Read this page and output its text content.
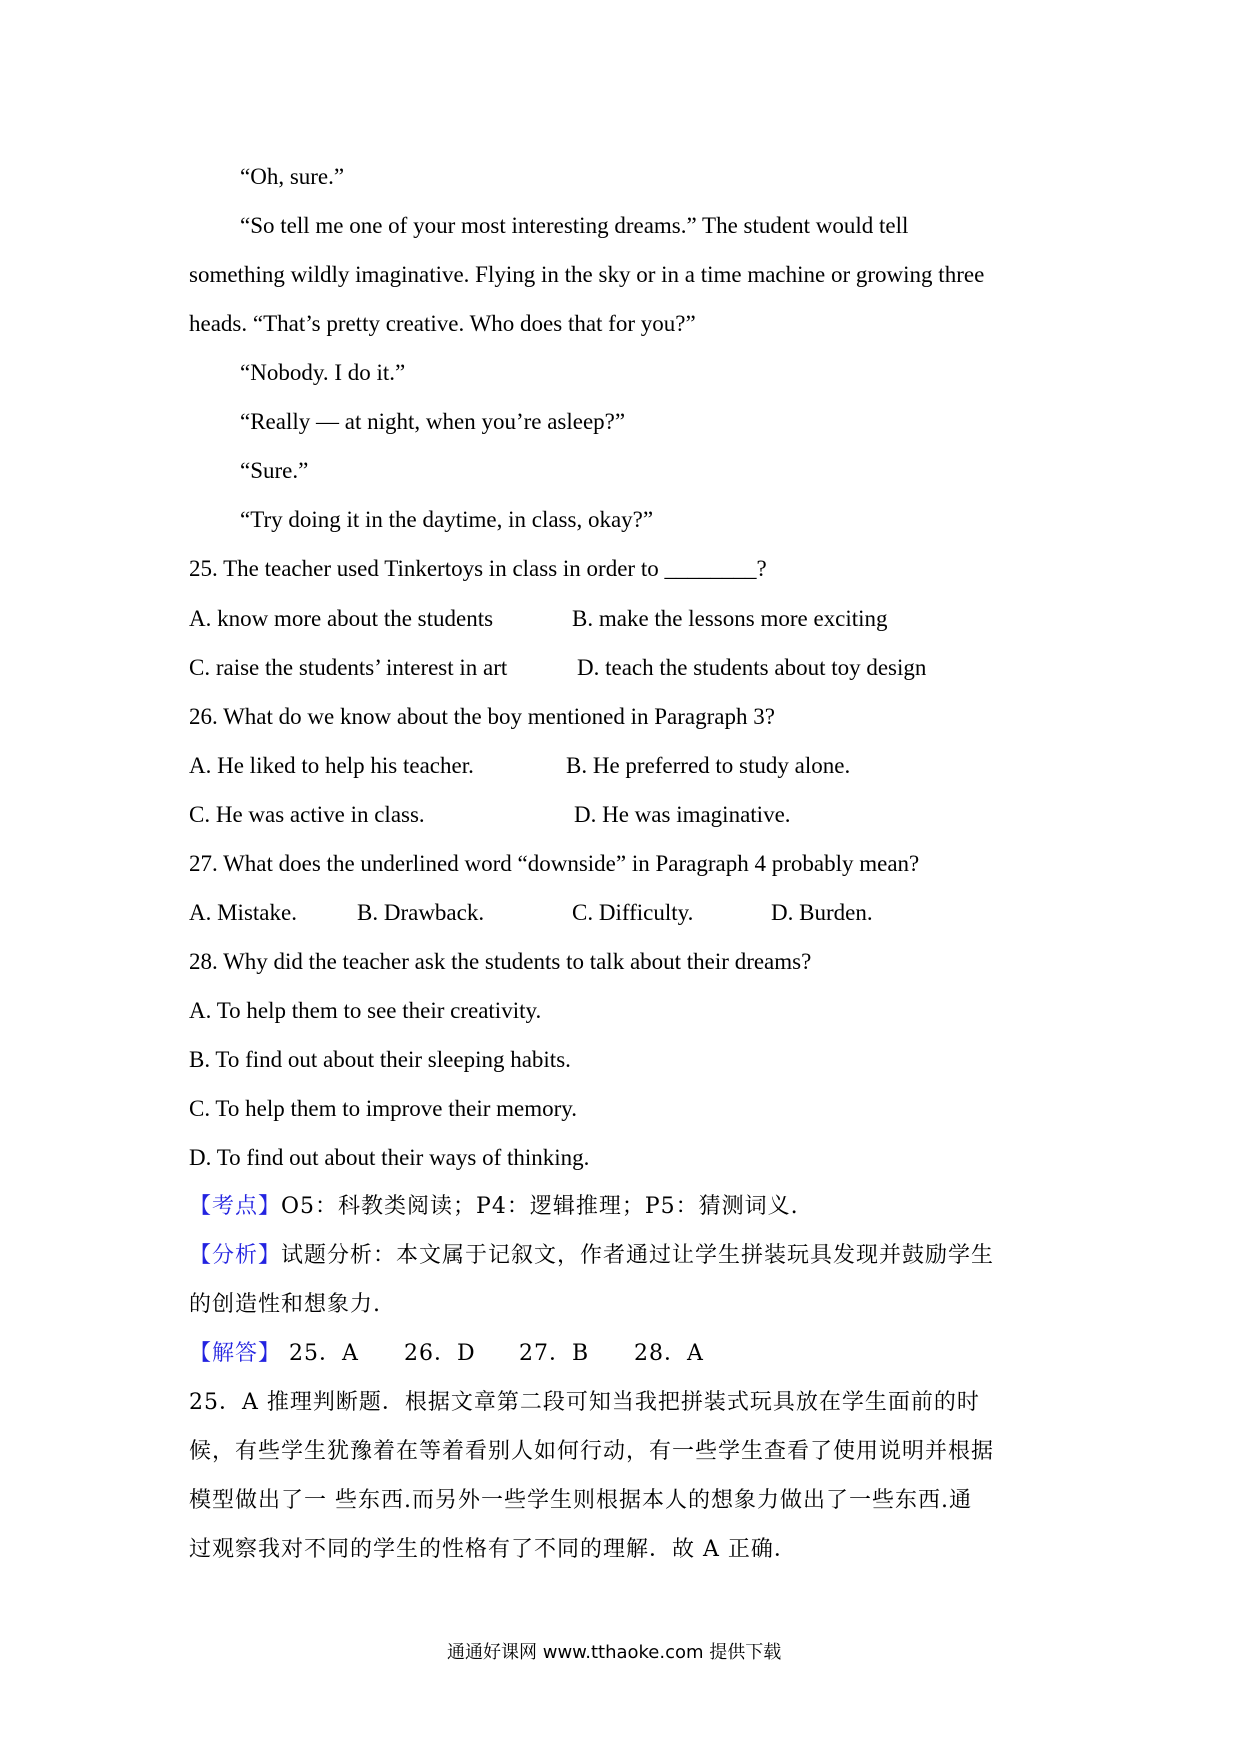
“Oh, sure.”
“So tell me one of your most interesting dreams.” The student would tell
something wildly imaginative. Flying in the sky or in a time machine or growing three
heads. “That’s pretty creative. Who does that for you?”
“Nobody. I do it.”
“Really — at night, when you’re asleep?”
“Sure.”
“Try doing it in the daytime, in class, okay?”
25. The teacher used Tinkertoys in class in order to ________?
A. know more about the students	B. make the lessons more exciting
C. raise the students’ interest in art	D. teach the students about toy design
26. What do we know about the boy mentioned in Paragraph 3?
A. He liked to help his teacher.	B. He preferred to study alone.
C. He was active in class.	D. He was imaginative.
27. What does the underlined word “downside” in Paragraph 4 probably mean?
A. Mistake.	B. Drawback.	C. Difficulty.	D. Burden.
28. Why did the teacher ask the students to talk about their dreams?
A. To help them to see their creativity.
B. To find out about their sleeping habits.
C. To help them to improve their memory.
D. To find out about their ways of thinking.
【考点】O5：科教类阅读；P4：逻辑推理；P5：猜测词义.
【分析】试题分析：本文属于记叙文，作者通过让学生拼装玩具发现并鼓励学生
的创造性和想象力.
【解答】 25．A 26．D 27．B 28．A
25．A 推理判断题．根据文章第二段可知当我把拼装式玩具放在学生面前的时
候，有些学生犹豫着在等着看别人如何行动，有一些学生查看了使用说明并根据
模型做出了一 些东西.而另外一些学生则根据本人的想象力做出了一些东西.通
过观察我对不同的学生的性格有了不同的理解．故 A 正确．
通通好课网 www.tthaoke.com 提供下载
